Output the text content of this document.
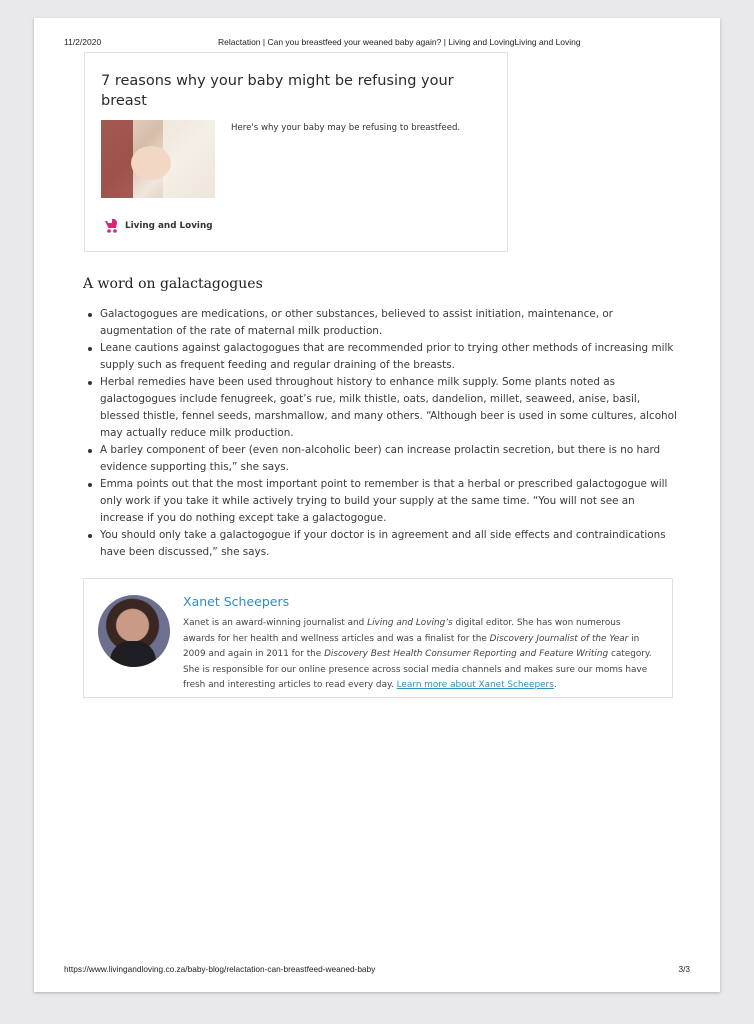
11/2/2020	Relactation | Can you breastfeed your weaned baby again? | Living and LovingLiving and Loving
7 reasons why your baby might be refusing your breast
Here's why your baby may be refusing to breastfeed.
Living and Loving
A word on galactagogues
Galactogogues are medications, or other substances, believed to assist initiation, maintenance, or augmentation of the rate of maternal milk production.
Leane cautions against galactogogues that are recommended prior to trying other methods of increasing milk supply such as frequent feeding and regular draining of the breasts.
Herbal remedies have been used throughout history to enhance milk supply. Some plants noted as galactogogues include fenugreek, goat’s rue, milk thistle, oats, dandelion, millet, seaweed, anise, basil, blessed thistle, fennel seeds, marshmallow, and many others. “Although beer is used in some cultures, alcohol may actually reduce milk production.
A barley component of beer (even non-alcoholic beer) can increase prolactin secretion, but there is no hard evidence supporting this,” she says.
Emma points out that the most important point to remember is that a herbal or prescribed galactogogue will only work if you take it while actively trying to build your supply at the same time. “You will not see an increase if you do nothing except take a galactogogue.
You should only take a galactogogue if your doctor is in agreement and all side effects and contraindications have been discussed,” she says.
Xanet Scheepers
Xanet is an award-winning journalist and Living and Loving’s digital editor. She has won numerous awards for her health and wellness articles and was a finalist for the Discovery Journalist of the Year in 2009 and again in 2011 for the Discovery Best Health Consumer Reporting and Feature Writing category. She is responsible for our online presence across social media channels and makes sure our moms have fresh and interesting articles to read every day. Learn more about Xanet Scheepers.
https://www.livingandloving.co.za/baby-blog/relactation-can-breastfeed-weaned-baby	3/3
